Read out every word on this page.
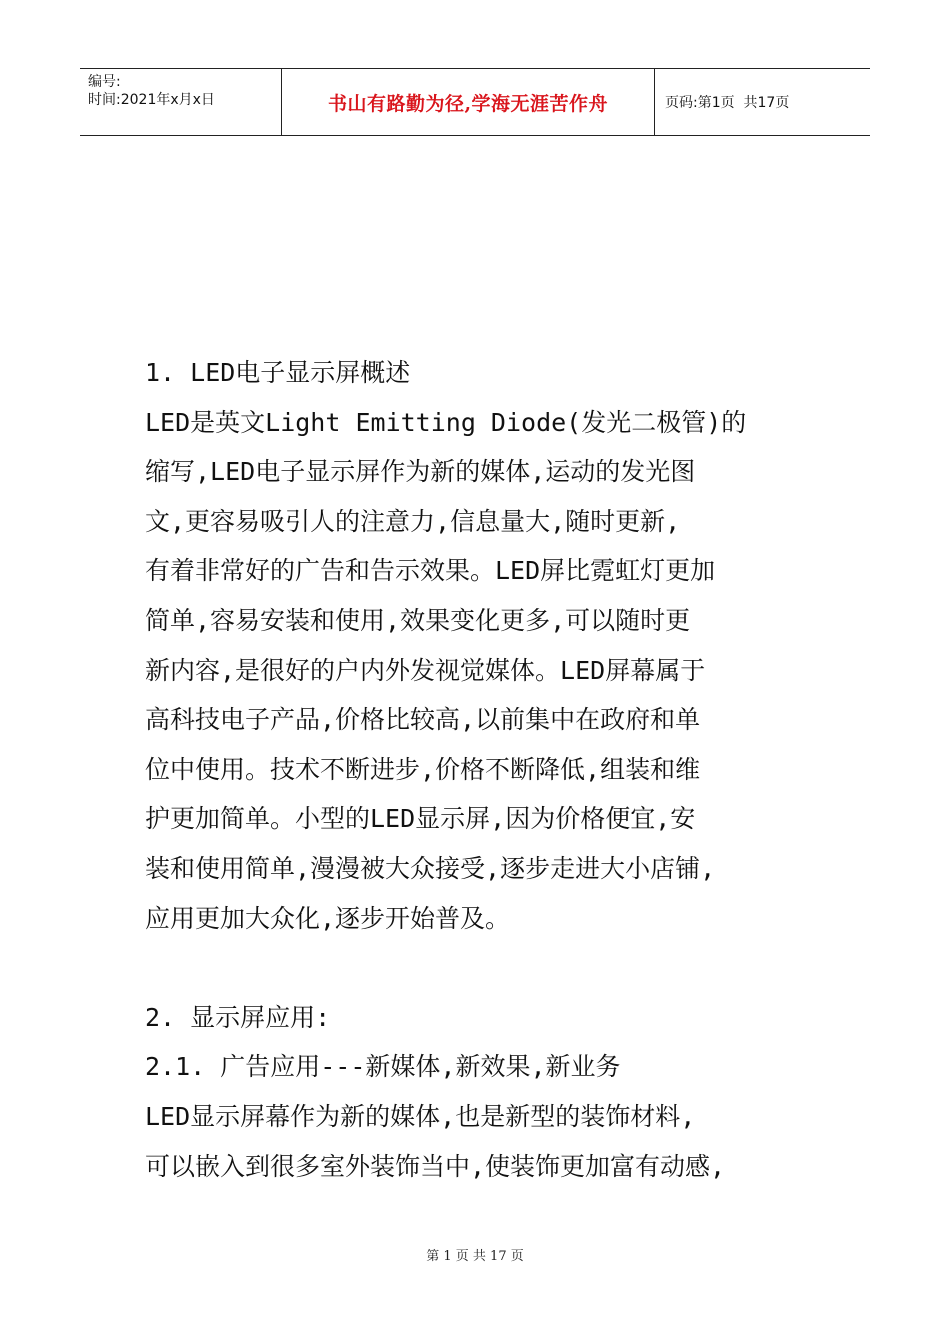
编号:
时间:2021年x月x日	书山有路勤为径,学海无涯苦作舟	页码:第1页  共17页

1. LED电子显示屏概述

LED是英文Light Emitting Diode(发光二极管)的

缩写,LED电子显示屏作为新的媒体,运动的发光图

文,更容易吸引人的注意力,信息量大,随时更新,

有着非常好的广告和告示效果。LED屏比霓虹灯更加

简单,容易安装和使用,效果变化更多,可以随时更

新内容,是很好的户内外发视觉媒体。LED屏幕属于

高科技电子产品,价格比较高,以前集中在政府和单

位中使用。技术不断进步,价格不断降低,组装和维

护更加简单。小型的LED显示屏,因为价格便宜,安

装和使用简单,漫漫被大众接受,逐步走进大小店铺,

应用更加大众化,逐步开始普及。

2. 显示屏应用:

2.1. 广告应用---新媒体,新效果,新业务

LED显示屏幕作为新的媒体,也是新型的装饰材料,

可以嵌入到很多室外装饰当中,使装饰更加富有动感,

第 1 页 共 17 页
